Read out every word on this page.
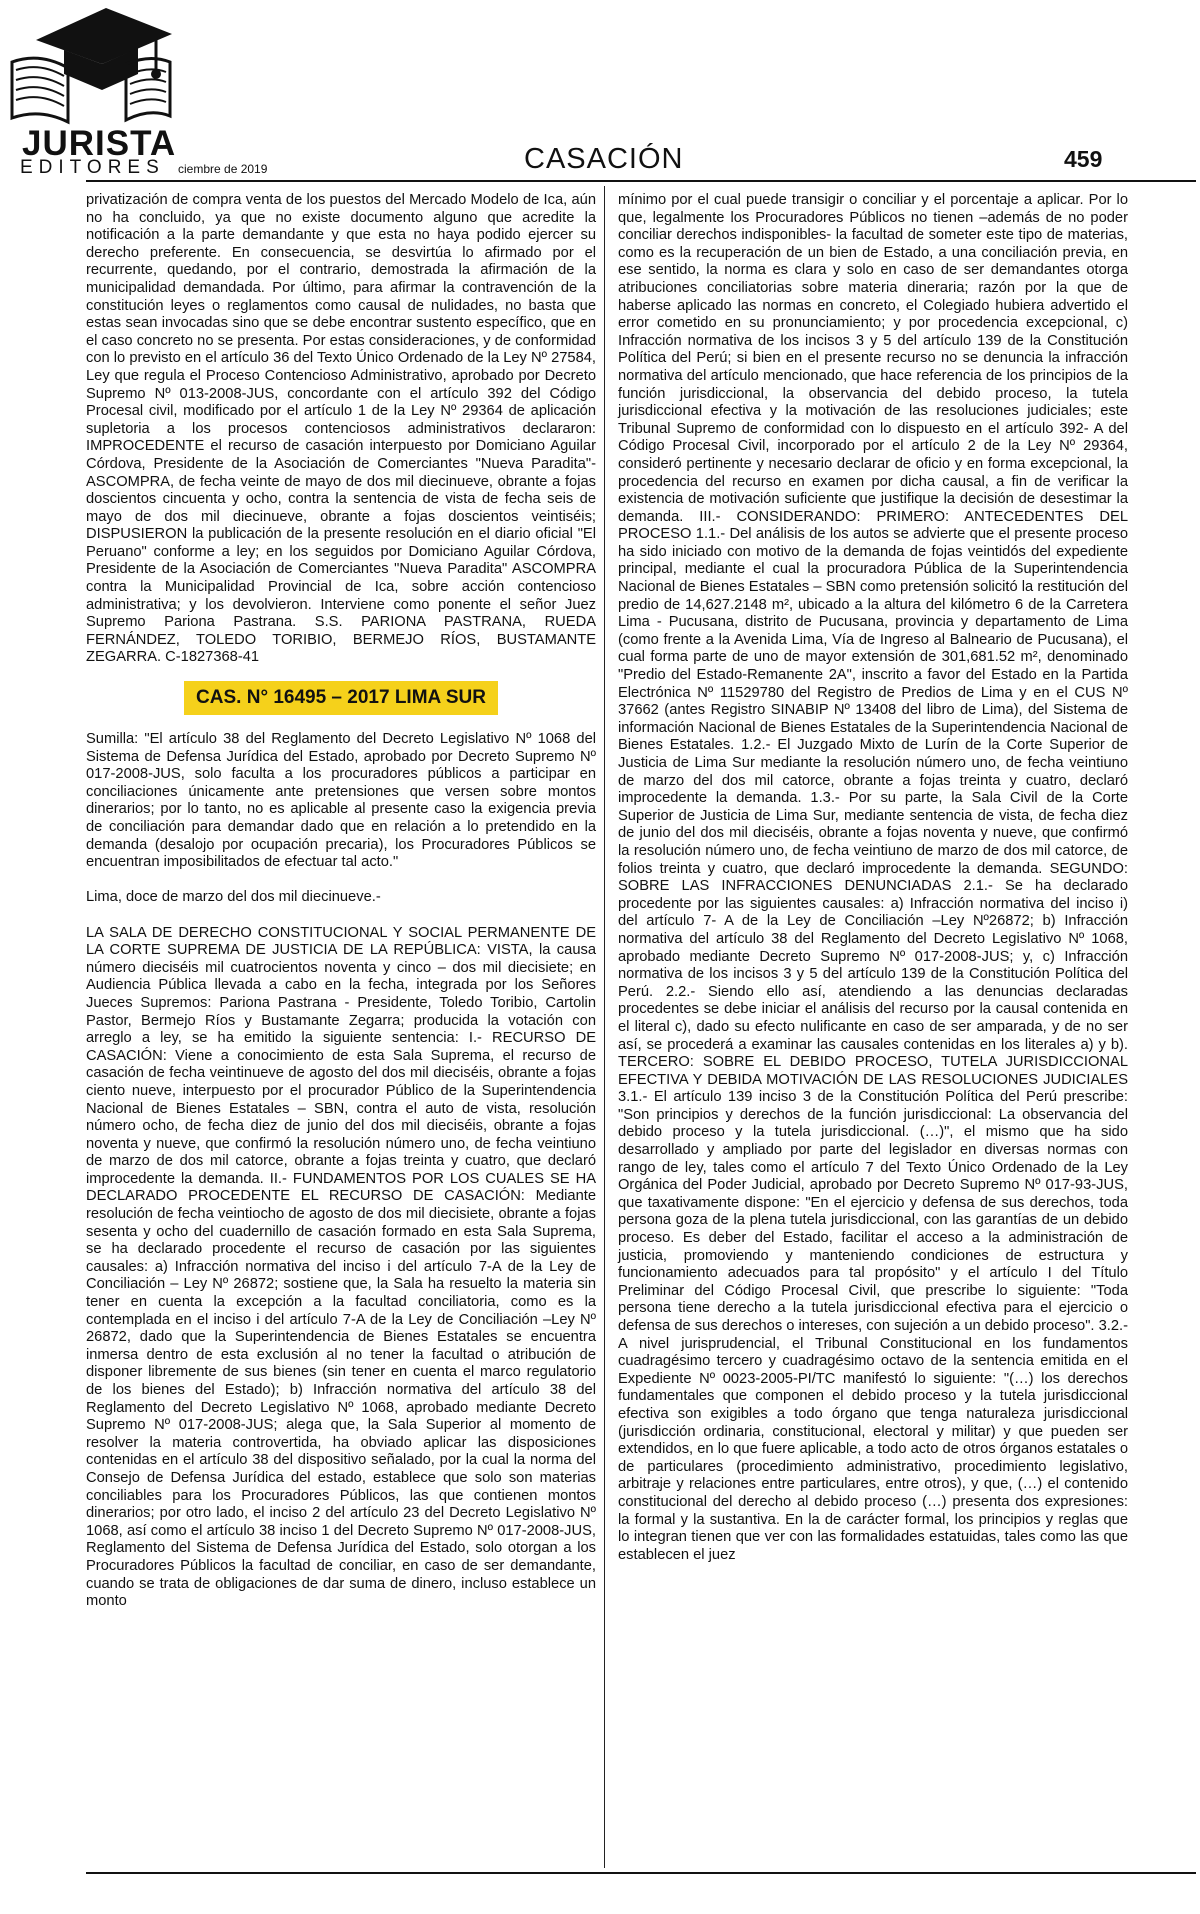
JURISTA
EDITORES ciembre de 2019	CASACIÓN	459

privatización de compra venta de los puestos del Mercado Modelo de Ica, aún no ha concluido, ya que no existe documento alguno que acredite la notificación a la parte demandante y que esta no haya podido ejercer su derecho preferente. En consecuencia, se desvirtúa lo afirmado por el recurrente, quedando, por el contrario, demostrada la afirmación de la municipalidad demandada. Por último, para afirmar la contravención de la constitución leyes o reglamentos como causal de nulidades, no basta que estas sean invocadas sino que se debe encontrar sustento específico, que en el caso concreto no se presenta. Por estas consideraciones, y de conformidad con lo previsto en el artículo 36 del Texto Único Ordenado de la Ley Nº 27584, Ley que regula el Proceso Contencioso Administrativo, aprobado por Decreto Supremo Nº 013-2008-JUS, concordante con el artículo 392 del Código Procesal civil, modificado por el artículo 1 de la Ley Nº 29364 de aplicación supletoria a los procesos contenciosos administrativos declararon: IMPROCEDENTE el recurso de casación interpuesto por Domiciano Aguilar Córdova, Presidente de la Asociación de Comerciantes "Nueva Paradita"- ASCOMPRA, de fecha veinte de mayo de dos mil diecinueve, obrante a fojas doscientos cincuenta y ocho, contra la sentencia de vista de fecha seis de mayo de dos mil diecinueve, obrante a fojas doscientos veintiséis; DISPUSIERON la publicación de la presente resolución en el diario oficial "El Peruano" conforme a ley; en los seguidos por Domiciano Aguilar Córdova, Presidente de la Asociación de Comerciantes "Nueva Paradita" ASCOMPRA contra la Municipalidad Provincial de Ica, sobre acción contencioso administrativa; y los devolvieron. Interviene como ponente el señor Juez Supremo Pariona Pastrana. S.S. PARIONA PASTRANA, RUEDA FERNÁNDEZ, TOLEDO TORIBIO, BERMEJO RÍOS, BUSTAMANTE ZEGARRA. C-1827368-41

CAS. N° 16495 – 2017 LIMA SUR

Sumilla: "El artículo 38 del Reglamento del Decreto Legislativo Nº 1068 del Sistema de Defensa Jurídica del Estado, aprobado por Decreto Supremo Nº 017-2008-JUS, solo faculta a los procuradores públicos a participar en conciliaciones únicamente ante pretensiones que versen sobre montos dinerarios; por lo tanto, no es aplicable al presente caso la exigencia previa de conciliación para demandar dado que en relación a lo pretendido en la demanda (desalojo por ocupación precaria), los Procuradores Públicos se encuentran imposibilitados de efectuar tal acto."

Lima, doce de marzo del dos mil diecinueve.-

LA SALA DE DERECHO CONSTITUCIONAL Y SOCIAL PERMANENTE DE LA CORTE SUPREMA DE JUSTICIA DE LA REPÚBLICA: VISTA, la causa número dieciséis mil cuatrocientos noventa y cinco – dos mil diecisiete; en Audiencia Pública llevada a cabo en la fecha, integrada por los Señores Jueces Supremos: Pariona Pastrana - Presidente, Toledo Toribio, Cartolin Pastor, Bermejo Ríos y Bustamante Zegarra; producida la votación con arreglo a ley, se ha emitido la siguiente sentencia: I.- RECURSO DE CASACIÓN: Viene a conocimiento de esta Sala Suprema, el recurso de casación de fecha veintinueve de agosto del dos mil dieciséis, obrante a fojas ciento nueve, interpuesto por el procurador Público de la Superintendencia Nacional de Bienes Estatales – SBN, contra el auto de vista, resolución número ocho, de fecha diez de junio del dos mil dieciséis, obrante a fojas noventa y nueve, que confirmó la resolución número uno, de fecha veintiuno de marzo de dos mil catorce, obrante a fojas treinta y cuatro, que declaró improcedente la demanda. II.- FUNDAMENTOS POR LOS CUALES SE HA DECLARADO PROCEDENTE EL RECURSO DE CASACIÓN: Mediante resolución de fecha veintiocho de agosto de dos mil diecisiete, obrante a fojas sesenta y ocho del cuadernillo de casación formado en esta Sala Suprema, se ha declarado procedente el recurso de casación por las siguientes causales: a) Infracción normativa del inciso i del artículo 7-A de la Ley de Conciliación – Ley Nº 26872; sostiene que, la Sala ha resuelto la materia sin tener en cuenta la excepción a la facultad conciliatoria, como es la contemplada en el inciso i del artículo 7-A de la Ley de Conciliación –Ley Nº 26872, dado que la Superintendencia de Bienes Estatales se encuentra inmersa dentro de esta exclusión al no tener la facultad o atribución de disponer libremente de sus bienes (sin tener en cuenta el marco regulatorio de los bienes del Estado); b) Infracción normativa del artículo 38 del Reglamento del Decreto Legislativo Nº 1068, aprobado mediante Decreto Supremo Nº 017-2008-JUS; alega que, la Sala Superior al momento de resolver la materia controvertida, ha obviado aplicar las disposiciones contenidas en el artículo 38 del dispositivo señalado, por la cual la norma del Consejo de Defensa Jurídica del estado, establece que solo son materias conciliables para los Procuradores Públicos, las que contienen montos dinerarios; por otro lado, el inciso 2 del artículo 23 del Decreto Legislativo Nº 1068, así como el artículo 38 inciso 1 del Decreto Supremo Nº 017-2008-JUS, Reglamento del Sistema de Defensa Jurídica del Estado, solo otorgan a los Procuradores Públicos la facultad de conciliar, en caso de ser demandante, cuando se trata de obligaciones de dar suma de dinero, incluso establece un monto

mínimo por el cual puede transigir o conciliar y el porcentaje a aplicar. Por lo que, legalmente los Procuradores Públicos no tienen –además de no poder conciliar derechos indisponibles- la facultad de someter este tipo de materias, como es la recuperación de un bien de Estado, a una conciliación previa, en ese sentido, la norma es clara y solo en caso de ser demandantes otorga atribuciones conciliatorias sobre materia dineraria; razón por la que de haberse aplicado las normas en concreto, el Colegiado hubiera advertido el error cometido en su pronunciamiento; y por procedencia excepcional, c) Infracción normativa de los incisos 3 y 5 del artículo 139 de la Constitución Política del Perú; si bien en el presente recurso no se denuncia la infracción normativa del artículo mencionado, que hace referencia de los principios de la función jurisdiccional, la observancia del debido proceso, la tutela jurisdiccional efectiva y la motivación de las resoluciones judiciales; este Tribunal Supremo de conformidad con lo dispuesto en el artículo 392- A del Código Procesal Civil, incorporado por el artículo 2 de la Ley Nº 29364, consideró pertinente y necesario declarar de oficio y en forma excepcional, la procedencia del recurso en examen por dicha causal, a fin de verificar la existencia de motivación suficiente que justifique la decisión de desestimar la demanda. III.- CONSIDERANDO: PRIMERO: ANTECEDENTES DEL PROCESO 1.1.- Del análisis de los autos se advierte que el presente proceso ha sido iniciado con motivo de la demanda de fojas veintidós del expediente principal, mediante el cual la procuradora Pública de la Superintendencia Nacional de Bienes Estatales – SBN como pretensión solicitó la restitución del predio de 14,627.2148 m², ubicado a la altura del kilómetro 6 de la Carretera Lima - Pucusana, distrito de Pucusana, provincia y departamento de Lima (como frente a la Avenida Lima, Vía de Ingreso al Balneario de Pucusana), el cual forma parte de uno de mayor extensión de 301,681.52 m², denominado "Predio del Estado-Remanente 2A", inscrito a favor del Estado en la Partida Electrónica Nº 11529780 del Registro de Predios de Lima y en el CUS Nº 37662 (antes Registro SINABIP Nº 13408 del libro de Lima), del Sistema de información Nacional de Bienes Estatales de la Superintendencia Nacional de Bienes Estatales. 1.2.- El Juzgado Mixto de Lurín de la Corte Superior de Justicia de Lima Sur mediante la resolución número uno, de fecha veintiuno de marzo del dos mil catorce, obrante a fojas treinta y cuatro, declaró improcedente la demanda. 1.3.- Por su parte, la Sala Civil de la Corte Superior de Justicia de Lima Sur, mediante sentencia de vista, de fecha diez de junio del dos mil dieciséis, obrante a fojas noventa y nueve, que confirmó la resolución número uno, de fecha veintiuno de marzo de dos mil catorce, de folios treinta y cuatro, que declaró improcedente la demanda. SEGUNDO: SOBRE LAS INFRACCIONES DENUNCIADAS 2.1.- Se ha declarado procedente por las siguientes causales: a) Infracción normativa del inciso i) del artículo 7- A de la Ley de Conciliación –Ley Nº26872; b) Infracción normativa del artículo 38 del Reglamento del Decreto Legislativo Nº 1068, aprobado mediante Decreto Supremo Nº 017-2008-JUS; y, c) Infracción normativa de los incisos 3 y 5 del artículo 139 de la Constitución Política del Perú. 2.2.- Siendo ello así, atendiendo a las denuncias declaradas procedentes se debe iniciar el análisis del recurso por la causal contenida en el literal c), dado su efecto nulificante en caso de ser amparada, y de no ser así, se procederá a examinar las causales contenidas en los literales a) y b). TERCERO: SOBRE EL DEBIDO PROCESO, TUTELA JURISDICCIONAL EFECTIVA Y DEBIDA MOTIVACIÓN DE LAS RESOLUCIONES JUDICIALES 3.1.- El artículo 139 inciso 3 de la Constitución Política del Perú prescribe: "Son principios y derechos de la función jurisdiccional: La observancia del debido proceso y la tutela jurisdiccional. (…)", el mismo que ha sido desarrollado y ampliado por parte del legislador en diversas normas con rango de ley, tales como el artículo 7 del Texto Único Ordenado de la Ley Orgánica del Poder Judicial, aprobado por Decreto Supremo Nº 017-93-JUS, que taxativamente dispone: "En el ejercicio y defensa de sus derechos, toda persona goza de la plena tutela jurisdiccional, con las garantías de un debido proceso. Es deber del Estado, facilitar el acceso a la administración de justicia, promoviendo y manteniendo condiciones de estructura y funcionamiento adecuados para tal propósito" y el artículo I del Título Preliminar del Código Procesal Civil, que prescribe lo siguiente: "Toda persona tiene derecho a la tutela jurisdiccional efectiva para el ejercicio o defensa de sus derechos o intereses, con sujeción a un debido proceso". 3.2.- A nivel jurisprudencial, el Tribunal Constitucional en los fundamentos cuadragésimo tercero y cuadragésimo octavo de la sentencia emitida en el Expediente Nº 0023-2005-PI/TC manifestó lo siguiente: "(…) los derechos fundamentales que componen el debido proceso y la tutela jurisdiccional efectiva son exigibles a todo órgano que tenga naturaleza jurisdiccional (jurisdicción ordinaria, constitucional, electoral y militar) y que pueden ser extendidos, en lo que fuere aplicable, a todo acto de otros órganos estatales o de particulares (procedimiento administrativo, procedimiento legislativo, arbitraje y relaciones entre particulares, entre otros), y que, (…) el contenido constitucional del derecho al debido proceso (…) presenta dos expresiones: la formal y la sustantiva. En la de carácter formal, los principios y reglas que lo integran tienen que ver con las formalidades estatuidas, tales como las que establecen el juez
